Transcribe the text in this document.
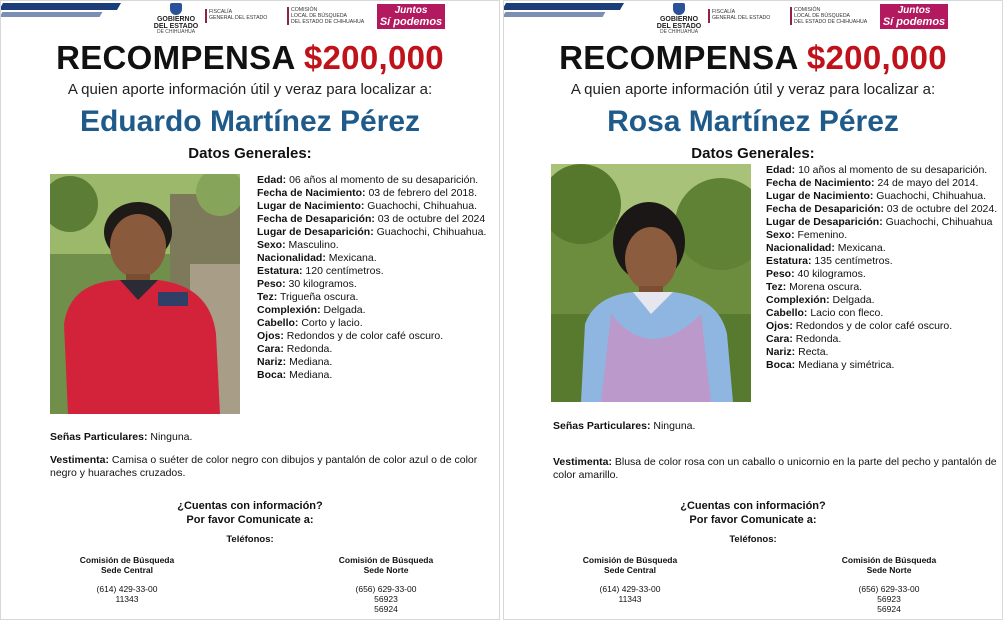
GOBIERNO DEL ESTADO
DE CHIHUAHUA
FISCALÍA
GENERAL DEL ESTADO
COMISIÓN
LOCAL DE BÚSQUEDA
DEL ESTADO DE CHIHUAHUA
Juntos
Sí podemos
RECOMPENSA $200,000
A quien aporte información útil y veraz para localizar a:
Eduardo Martínez Pérez
Datos Generales:
Edad: 06 años al momento de su desaparición.
Fecha de Nacimiento: 03 de febrero del 2018.
Lugar de Nacimiento: Guachochi, Chihuahua.
Fecha de Desaparición: 03 de octubre del 2024
Lugar de Desaparición: Guachochi, Chihuahua.
Sexo: Masculino.
Nacionalidad: Mexicana.
Estatura: 120 centímetros.
Peso: 30 kilogramos.
Tez: Trigueña oscura.
Complexión: Delgada.
Cabello: Corto y lacio.
Ojos: Redondos y de color café oscuro.
Cara: Redonda.
Nariz: Mediana.
Boca: Mediana.
Señas Particulares: Ninguna.
Vestimenta: Camisa o suéter de color negro con dibujos y pantalón de color azul o de color negro y huaraches cruzados.
¿Cuentas con información?
Por favor Comunicate a:
Teléfonos:
Comisión de Búsqueda
Sede Central
(614) 429-33-00
11343
Comisión de Búsqueda
Sede Norte
(656) 629-33-00
56923
56924
GOBIERNO DEL ESTADO
DE CHIHUAHUA
FISCALÍA
GENERAL DEL ESTADO
COMISIÓN
LOCAL DE BÚSQUEDA
DEL ESTADO DE CHIHUAHUA
Juntos
Sí podemos
RECOMPENSA $200,000
A quien aporte información útil y veraz para localizar a:
Rosa Martínez Pérez
Datos Generales:
Edad: 10 años al momento de su desaparición.
Fecha de Nacimiento: 24 de mayo del 2014.
Lugar de Nacimiento: Guachochi, Chihuahua.
Fecha de Desaparición: 03 de octubre del 2024.
Lugar de Desaparición: Guachochi, Chihuahua
Sexo: Femenino.
Nacionalidad: Mexicana.
Estatura: 135 centímetros.
Peso: 40 kilogramos.
Tez: Morena oscura.
Complexión: Delgada.
Cabello: Lacio con fleco.
Ojos: Redondos y de color café oscuro.
Cara: Redonda.
Nariz: Recta.
Boca: Mediana y simétrica.
Señas Particulares: Ninguna.
Vestimenta: Blusa de color rosa con un caballo o unicornio en la parte del pecho y pantalón de color amarillo.
¿Cuentas con información?
Por favor Comunicate a:
Teléfonos:
Comisión de Búsqueda
Sede Central
(614) 429-33-00
11343
Comisión de Búsqueda
Sede Norte
(656) 629-33-00
56923
56924
